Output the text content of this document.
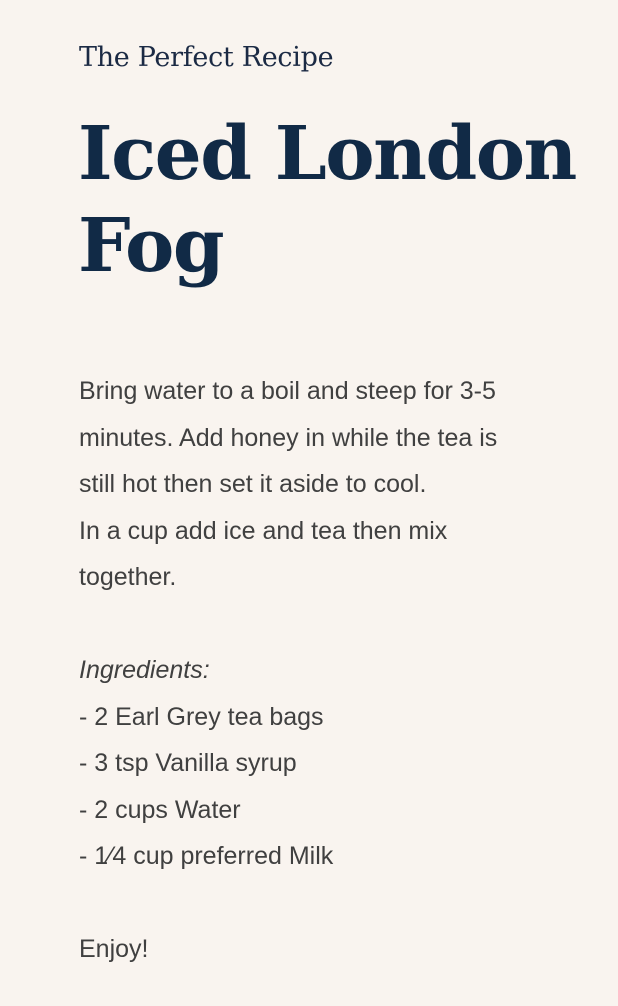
The Perfect Recipe

Iced London Fog
Bring water to a boil and steep for 3-5
minutes. Add honey in while the tea is
still hot then set it aside to cool.
In a cup add ice and tea then mix
together.
Ingredients:
- 2 Earl Grey tea bags
- 3 tsp Vanilla syrup
- 2 cups Water
- 1⁄4 cup preferred Milk
Enjoy!
